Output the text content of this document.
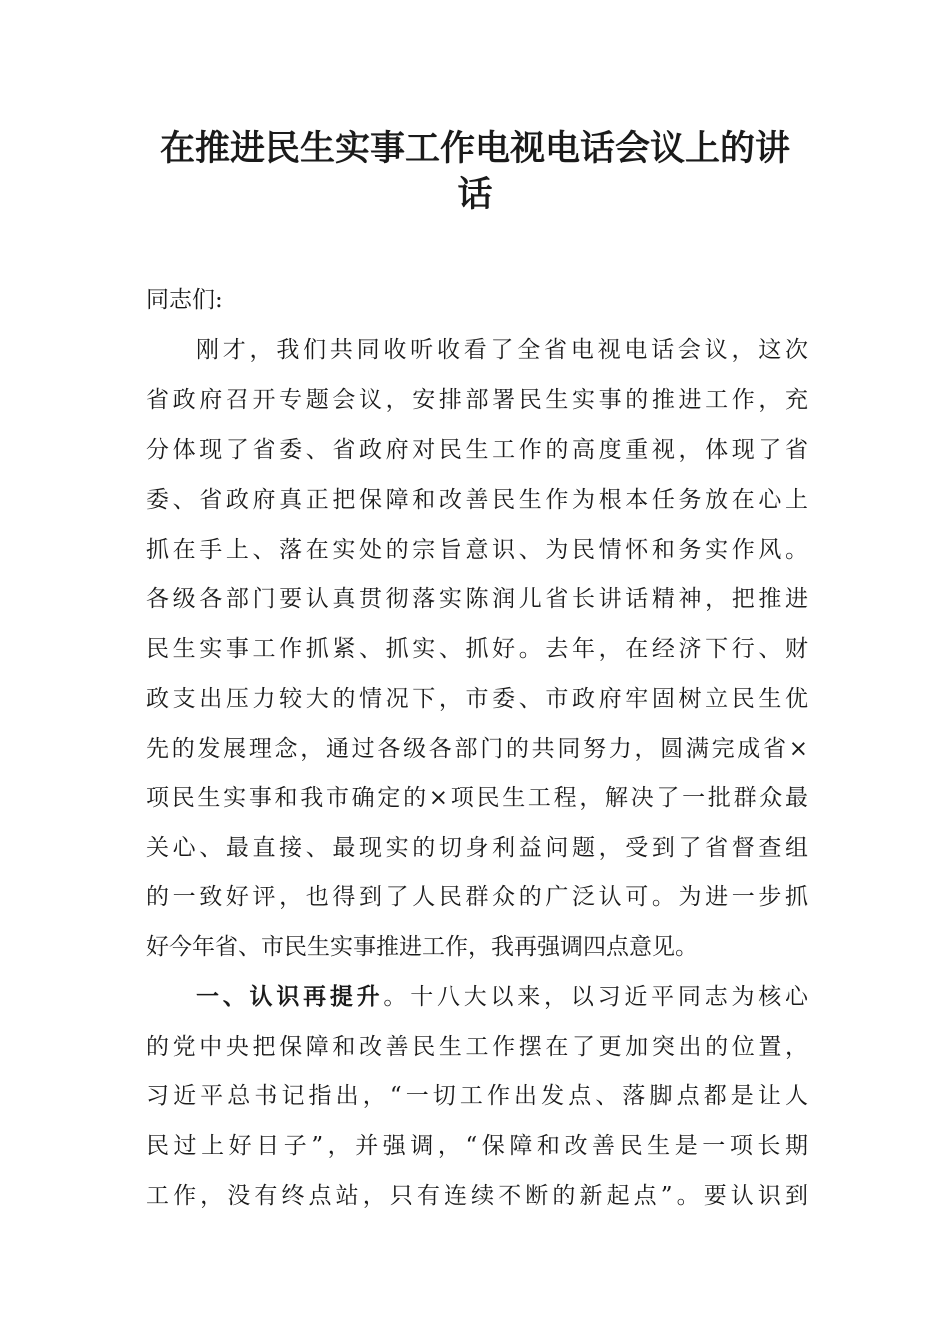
在推进民生实事工作电视电话会议上的讲
话

同志们:

刚才，我们共同收听收看了全省电视电话会议，这次

省政府召开专题会议，安排部署民生实事的推进工作，充

分体现了省委、省政府对民生工作的高度重视，体现了省

委、省政府真正把保障和改善民生作为根本任务放在心上

抓在手上、落在实处的宗旨意识、为民情怀和务实作风。

各级各部门要认真贯彻落实陈润儿省长讲话精神，把推进

民生实事工作抓紧、抓实、抓好。去年，在经济下行、财

政支出压力较大的情况下，市委、市政府牢固树立民生优

先的发展理念，通过各级各部门的共同努力，圆满完成省×

项民生实事和我市确定的×项民生工程，解决了一批群众最

关心、最直接、最现实的切身利益问题，受到了省督查组

的一致好评，也得到了人民群众的广泛认可。为进一步抓

好今年省、市民生实事推进工作，我再强调四点意见。

一、认识再提升。十八大以来，以习近平同志为核心

的党中央把保障和改善民生工作摆在了更加突出的位置，

习近平总书记指出，“一切工作出发点、落脚点都是让人

民过上好日子”，并强调，“保障和改善民生是一项长期

工作，没有终点站，只有连续不断的新起点”。要认识到
